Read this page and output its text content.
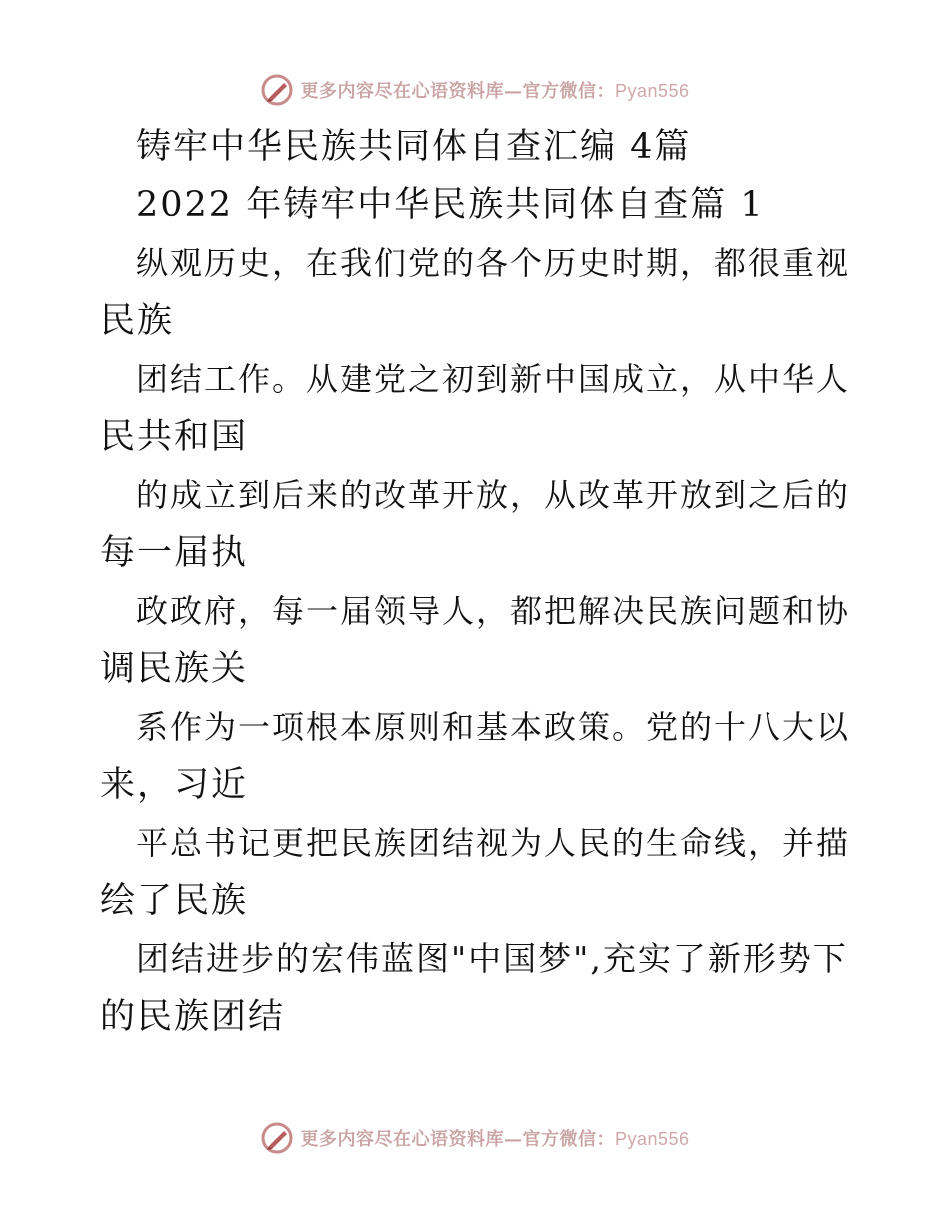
更多内容尽在心语资料库—官方微信：Pyan556
铸牢中华民族共同体自查汇编 4篇
2022 年铸牢中华民族共同体自查篇 1
纵观历史，在我们党的各个历史时期，都很重视
民族
团结工作。从建党之初到新中国成立，从中华人
民共和国
的成立到后来的改革开放，从改革开放到之后的
每一届执
政政府，每一届领导人，都把解决民族问题和协
调民族关
系作为一项根本原则和基本政策。党的十八大以
来，习近
平总书记更把民族团结视为人民的生命线，并描
绘了民族
团结进步的宏伟蓝图"中国梦",充实了新形势下
的民族团结
更多内容尽在心语资料库—官方微信：Pyan556
